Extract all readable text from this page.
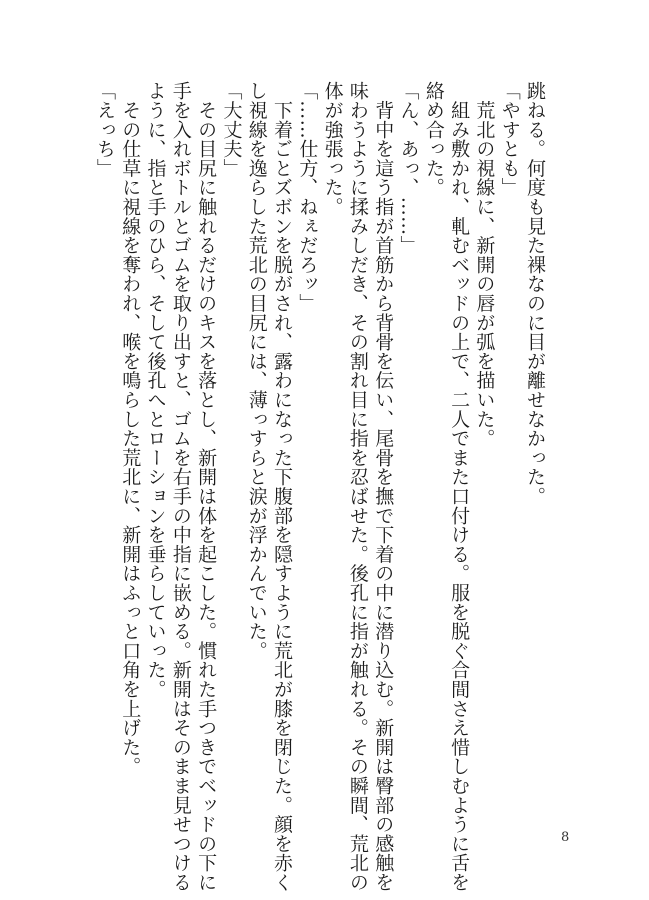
跳ねる。何度も見た裸なのに目が離せなかった。

「やすとも」

　荒北の視線に、新開の唇が弧を描いた。

　組み敷かれ、軋むベッドの上で、二人でまた口付ける。服を脱ぐ合間さえ惜しむように舌を

絡め合った。

「ん、あっ、……」

　背中を這う指が首筋から背骨を伝い、尾骨を撫で下着の中に潜り込む。新開は臀部の感触を

味わうように揉みしだき、その割れ目に指を忍ばせた。後孔に指が触れる。その瞬間、荒北の

体が強張った。

「……仕方、ねぇだろッ」

　下着ごとズボンを脱がされ、露わになった下腹部を隠すように荒北が膝を閉じた。顔を赤く

し視線を逸らした荒北の目尻には、薄っすらと涙が浮かんでいた。

「大丈夫」

　その目尻に触れるだけのキスを落とし、新開は体を起こした。慣れた手つきでベッドの下に

手を入れボトルとゴムを取り出すと、ゴムを右手の中指に嵌める。新開はそのまま見せつける

ように、指と手のひら、そして後孔へとローションを垂らしていった。

　その仕草に視線を奪われ、喉を鳴らした荒北に、新開はふっと口角を上げた。

「えっち」

8
